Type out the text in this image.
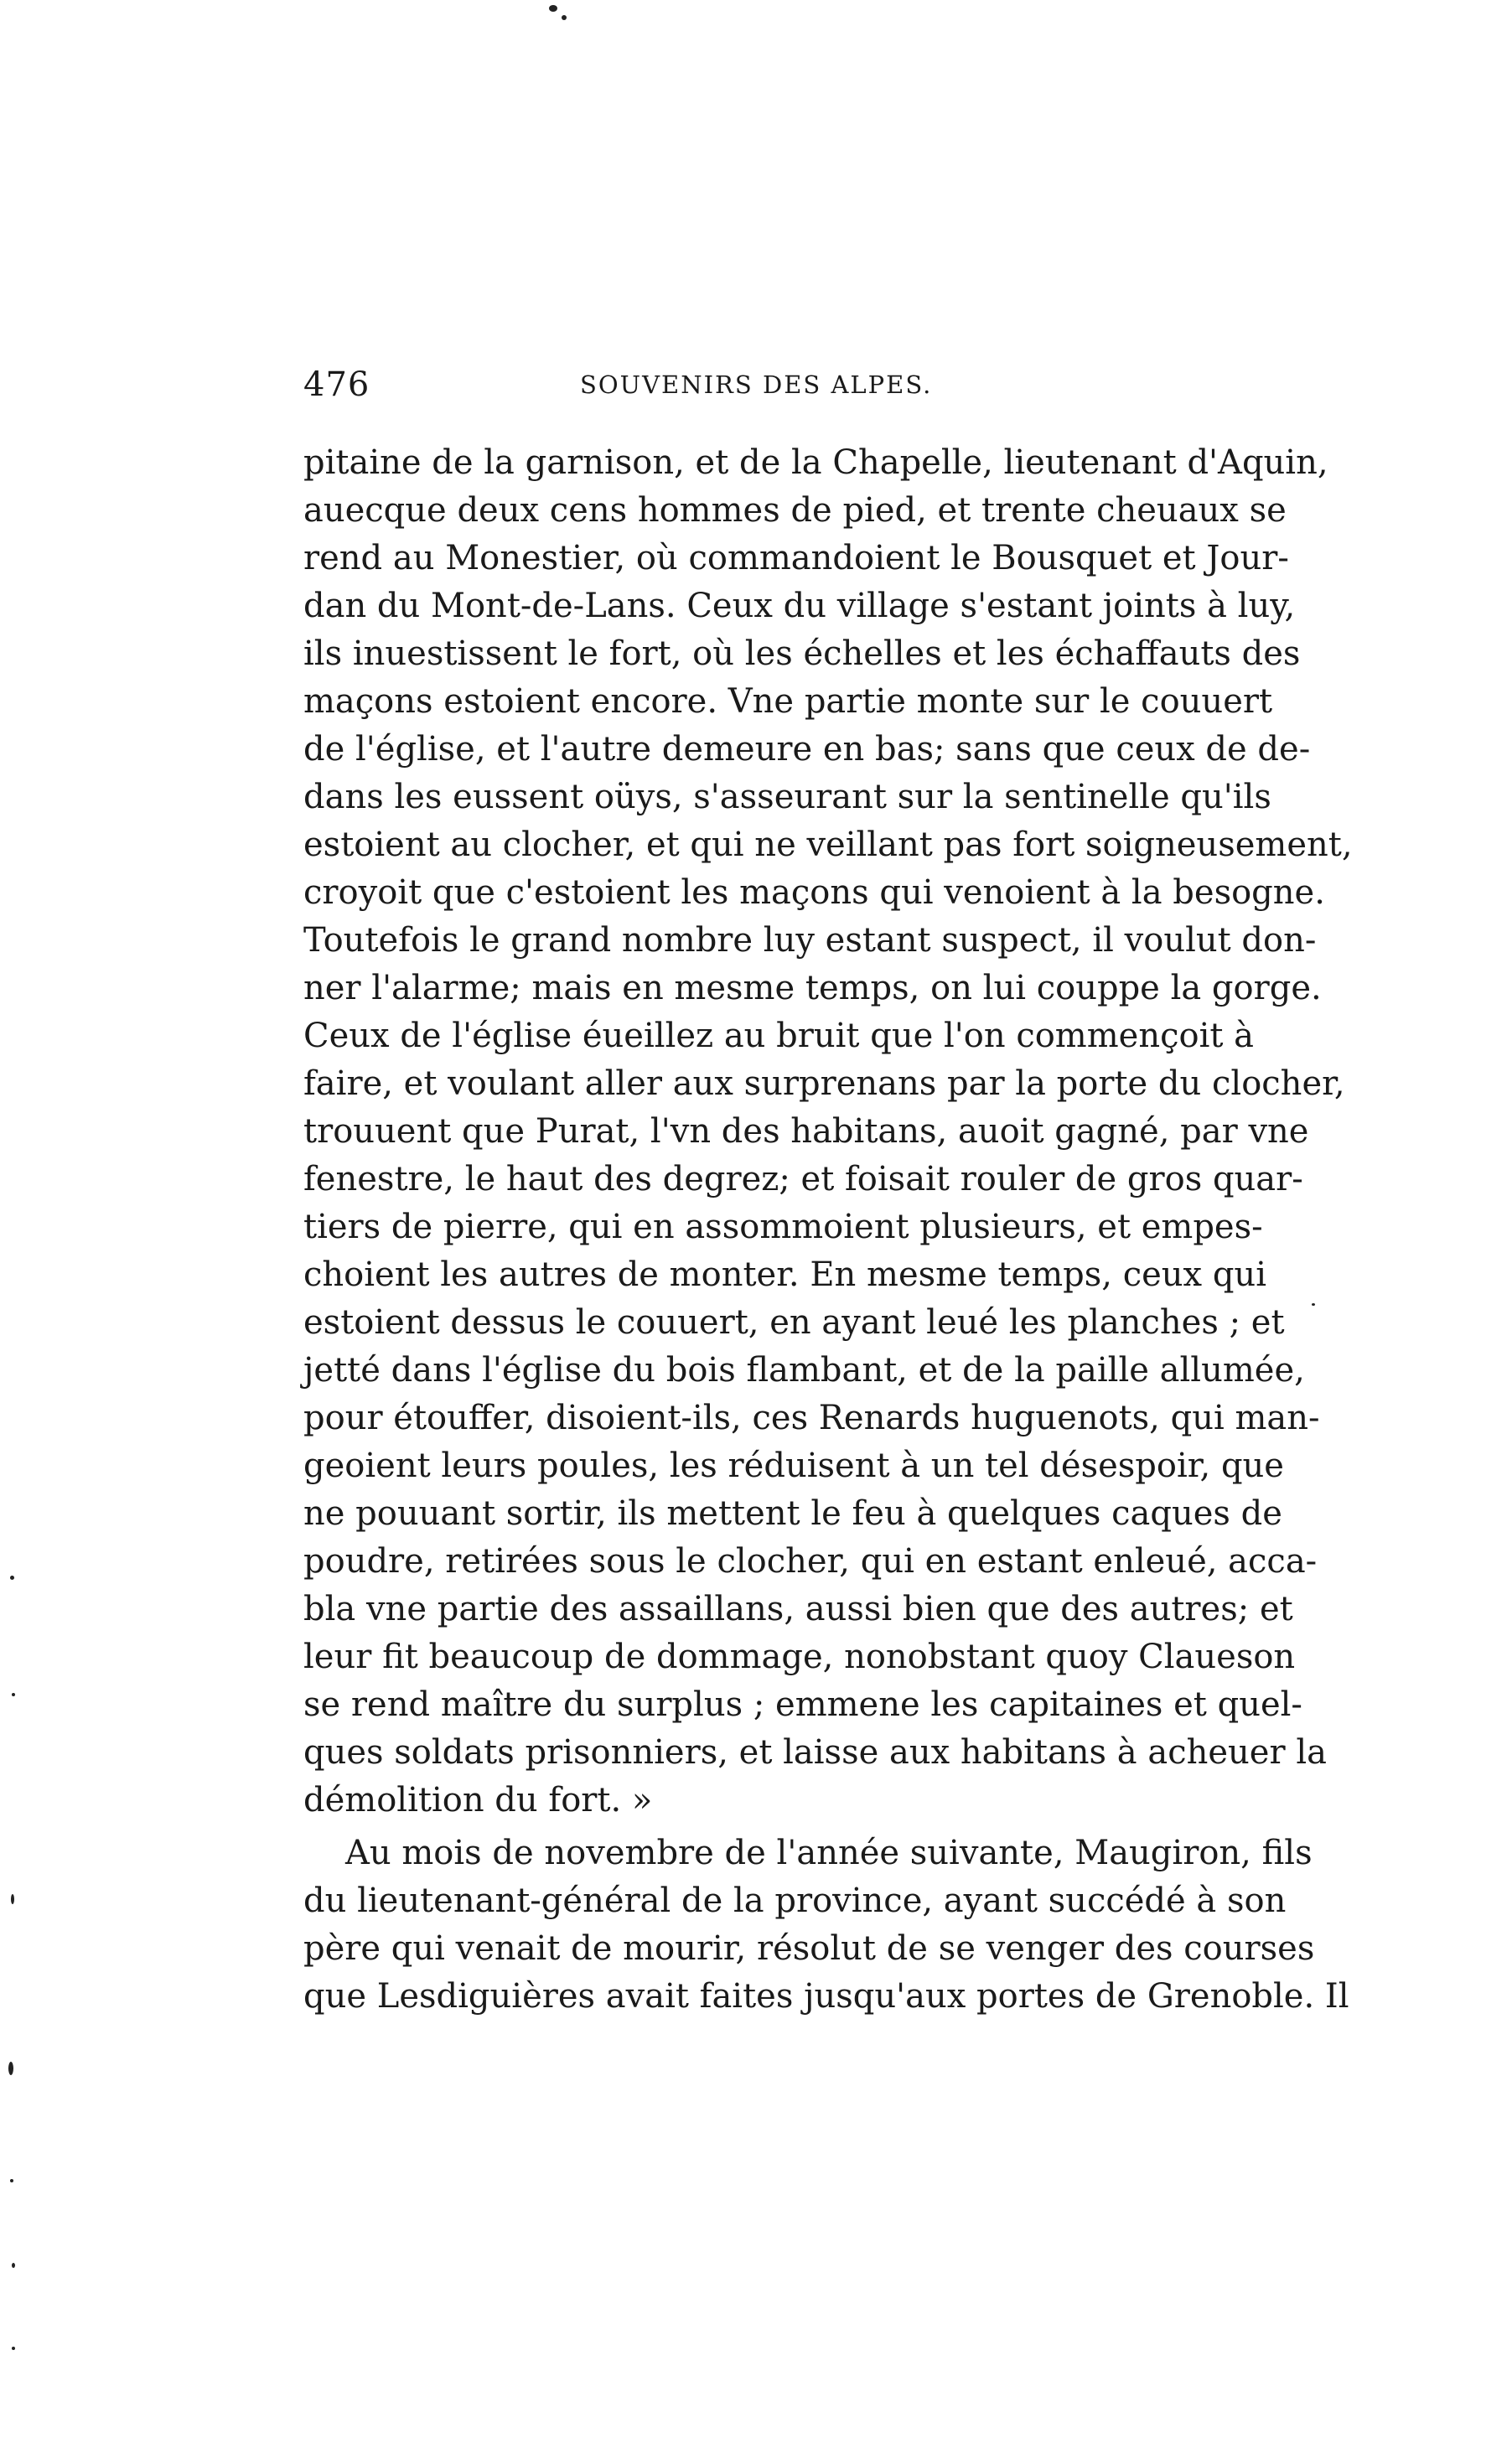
476	SOUVENIRS DES ALPES.
pitaine de la garnison, et de la Chapelle, lieutenant d'Aquin,
auecque deux cens hommes de pied, et trente cheuaux se
rend au Monestier, où commandoient le Bousquet et Jour-
dan du Mont-de-Lans. Ceux du village s'estant joints à luy,
ils inuestissent le fort, où les échelles et les échaffauts des
maçons estoient encore. Vne partie monte sur le couuert
de l'église, et l'autre demeure en bas; sans que ceux de de-
dans les eussent oüys, s'asseurant sur la sentinelle qu'ils
estoient au clocher, et qui ne veillant pas fort soigneusement,
croyoit que c'estoient les maçons qui venoient à la besogne.
Toutefois le grand nombre luy estant suspect, il voulut don-
ner l'alarme; mais en mesme temps, on lui couppe la gorge.
Ceux de l'église éueillez au bruit que l'on commençoit à
faire, et voulant aller aux surprenans par la porte du clocher,
trouuent que Purat, l'vn des habitans, auoit gagné, par vne
fenestre, le haut des degrez; et foisait rouler de gros quar-
tiers de pierre, qui en assommoient plusieurs, et empes-
choient les autres de monter. En mesme temps, ceux qui
estoient dessus le couuert, en ayant leué les planches ; et
jetté dans l'église du bois flambant, et de la paille allumée,
pour étouffer, disoient-ils, ces Renards huguenots, qui man-
geoient leurs poules, les réduisent à un tel désespoir, que
ne pouuant sortir, ils mettent le feu à quelques caques de
poudre, retirées sous le clocher, qui en estant enleué, acca-
bla vne partie des assaillans, aussi bien que des autres; et
leur fit beaucoup de dommage, nonobstant quoy Claueson
se rend maître du surplus ; emmene les capitaines et quel-
ques soldats prisonniers, et laisse aux habitans à acheuer la
démolition du fort. »
Au mois de novembre de l'année suivante, Maugiron, fils
du lieutenant-général de la province, ayant succédé à son
père qui venait de mourir, résolut de se venger des courses
que Lesdiguières avait faites jusqu'aux portes de Grenoble. Il
